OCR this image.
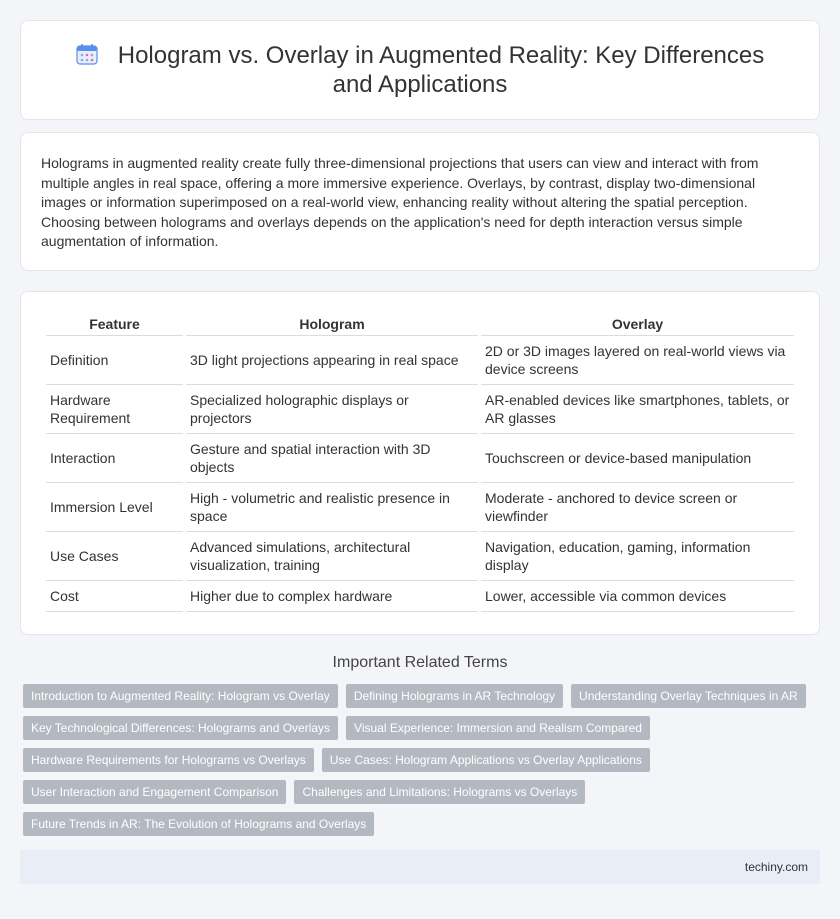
Hologram vs. Overlay in Augmented Reality: Key Differences and Applications

Holograms in augmented reality create fully three-dimensional projections that users can view and interact with from multiple angles in real space, offering a more immersive experience. Overlays, by contrast, display two-dimensional images or information superimposed on a real-world view, enhancing reality without altering the spatial perception. Choosing between holograms and overlays depends on the application's need for depth interaction versus simple augmentation of information.

Feature	Hologram	Overlay
Definition	3D light projections appearing in real space	2D or 3D images layered on real-world views via device screens
Hardware Requirement	Specialized holographic displays or projectors	AR-enabled devices like smartphones, tablets, or AR glasses
Interaction	Gesture and spatial interaction with 3D objects	Touchscreen or device-based manipulation
Immersion Level	High - volumetric and realistic presence in space	Moderate - anchored to device screen or viewfinder
Use Cases	Advanced simulations, architectural visualization, training	Navigation, education, gaming, information display
Cost	Higher due to complex hardware	Lower, accessible via common devices
Important Related Terms
Introduction to Augmented Reality: Hologram vs Overlay	Defining Holograms in AR Technology	Understanding Overlay Techniques in AR
Key Technological Differences: Holograms and Overlays	Visual Experience: Immersion and Realism Compared
Hardware Requirements for Holograms vs Overlays	Use Cases: Hologram Applications vs Overlay Applications
User Interaction and Engagement Comparison	Challenges and Limitations: Holograms vs Overlays
Future Trends in AR: The Evolution of Holograms and Overlays
techiny.com
